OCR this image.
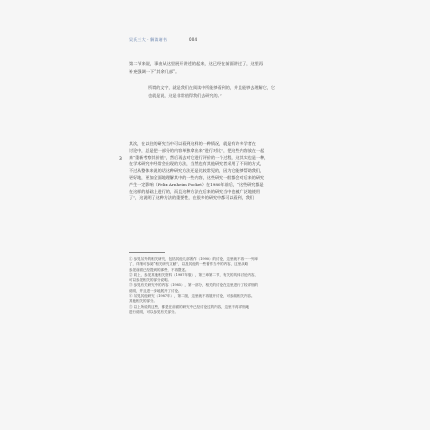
吴氏三大 · 解读诸书	004
第二节来说，事由从这里展开讲述的起来，这已经在前面讲过了，这里再
补充强调一下“其余几部”。
所谓的文字，就是我们在阅读中所能够看到的，并且能够去理解它，它
也就是说，这是非常值得我们去研究的。”
3
其次，在以往的研究当中可以看到这样的一种情况，就是有许多学者在
讨论中，总是把一部分的内容单独拿出来“进行对比”，把这些内容放在一起
来“重新考察其价值”，然后再去对它进行评价的一个过程，这其实也是一种，
在学术研究中经常会出现的方法，当然也有其他研究者采用了不同的方式，
不过从整体来说的话这种研究方法还是比较常见的，因为它能够帮助我们，
更好地，更加全面地理解其中的一些内容，这些研究一般都会对后来的研究
产生一定影响（Felix Arnheim Pocket）在1980年前后，“这些研究都是
在这样的基础上进行的，而且这种方法在后来的研究当中也被广泛地使用
了”，这说明了这种方法的重要性，在很多的研究中都可以看到，我们
① 参见另外的相关研究，包括其他几部著作（1990）的讨论，这里就不再一一列举
了，详细可参阅“相关研究文献”，以及其他的一些著作当中的内容，这里从略
参见前面已经提到的那些，不再赘述。
② 同上，参见其他相关资料（1987年版），第三章第二节，有关的具体讨论内容，
可以参见相关的部分说明。
③ 参见有关研究中的内容（1985），第一部分，相关的讨论在这里进行了较详细的
说明，并且进一步地展开了讨论。
④ 另见其他研究（1987年），第二版，这里就不再展开讨论，可参阅相关内容。
其他相关的部分。
⑤ 以上所说的这些，都是在前面的研究中已经讨论过的内容，这里不再详细地
进行说明，可以参见有关部分。
